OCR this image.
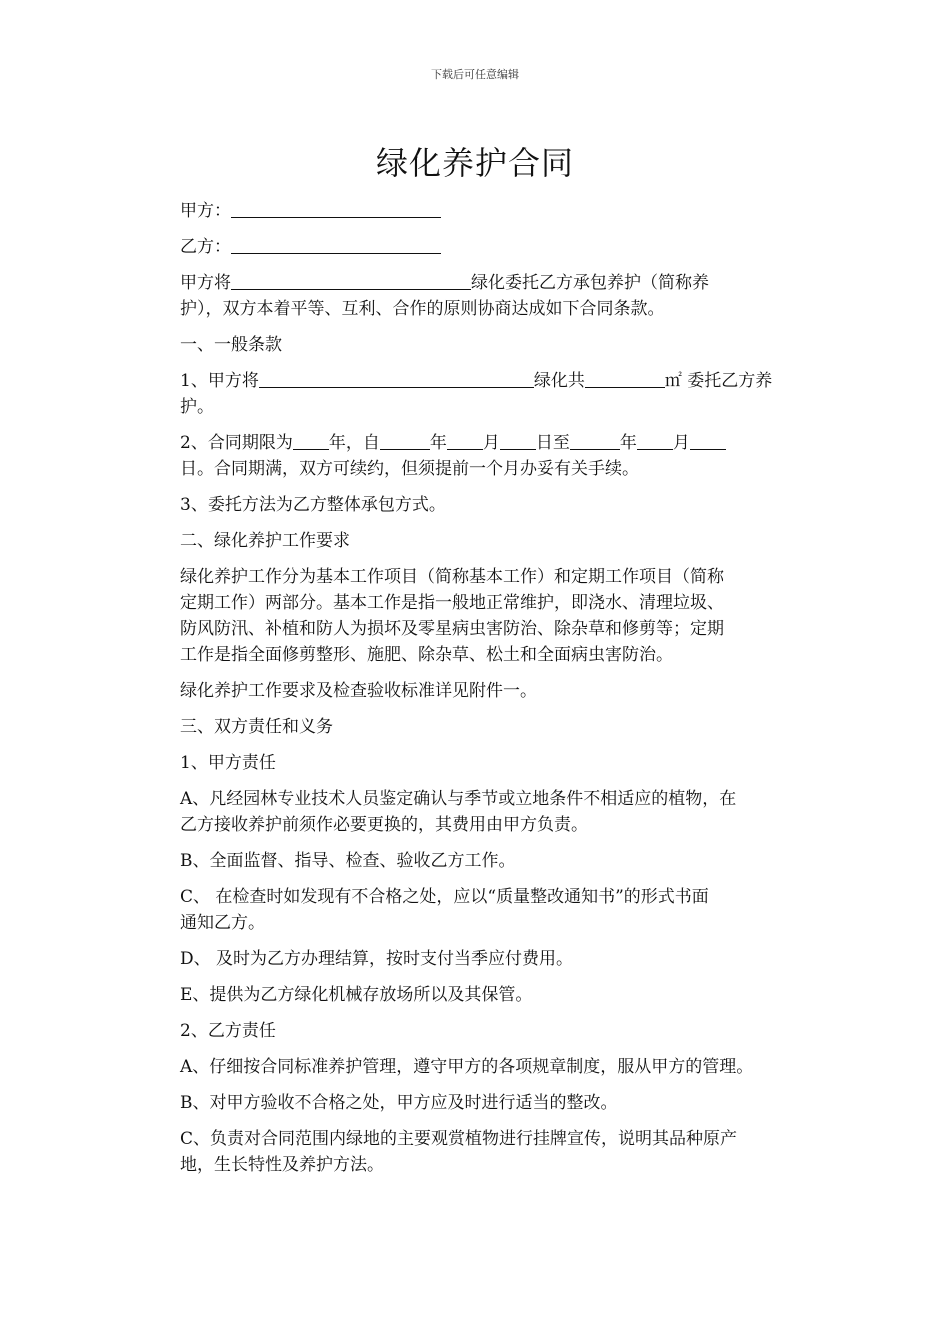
下载后可任意编辑
绿化养护合同

甲方：

乙方：

甲方将	绿化委托乙方承包养护（简称养

护），双方本着平等、互利、合作的原则协商达成如下合同条款。

一、一般条款

1、甲方将	绿化共	㎡ 委托乙方养

护。

2、合同期限为 年，自	年 月 日至	年 月

日。合同期满，双方可续约，但须提前一个月办妥有关手续。

3、委托方法为乙方整体承包方式。

二、绿化养护工作要求

绿化养护工作分为基本工作项目（简称基本工作）和定期工作项目（简称

定期工作）两部分。基本工作是指一般地正常维护，即浇水、清理垃圾、

防风防汛、补植和防人为损坏及零星病虫害防治、除杂草和修剪等；定期

工作是指全面修剪整形、施肥、除杂草、松土和全面病虫害防治。

绿化养护工作要求及检查验收标准详见附件一。

三、双方责任和义务

1、甲方责任

A、凡经园林专业技术人员鉴定确认与季节或立地条件不相适应的植物，在

乙方接收养护前须作必要更换的，其费用由甲方负责。

B、全面监督、指导、检查、验收乙方工作。

C、 在检查时如发现有不合格之处，应以“质量整改通知书”的形式书面

通知乙方。

D、 及时为乙方办理结算，按时支付当季应付费用。

E、提供为乙方绿化机械存放场所以及其保管。

2、乙方责任

A、仔细按合同标准养护管理，遵守甲方的各项规章制度，服从甲方的管理。

B、对甲方验收不合格之处，甲方应及时进行适当的整改。

C、负责对合同范围内绿地的主要观赏植物进行挂牌宣传，说明其品种原产

地，生长特性及养护方法。
